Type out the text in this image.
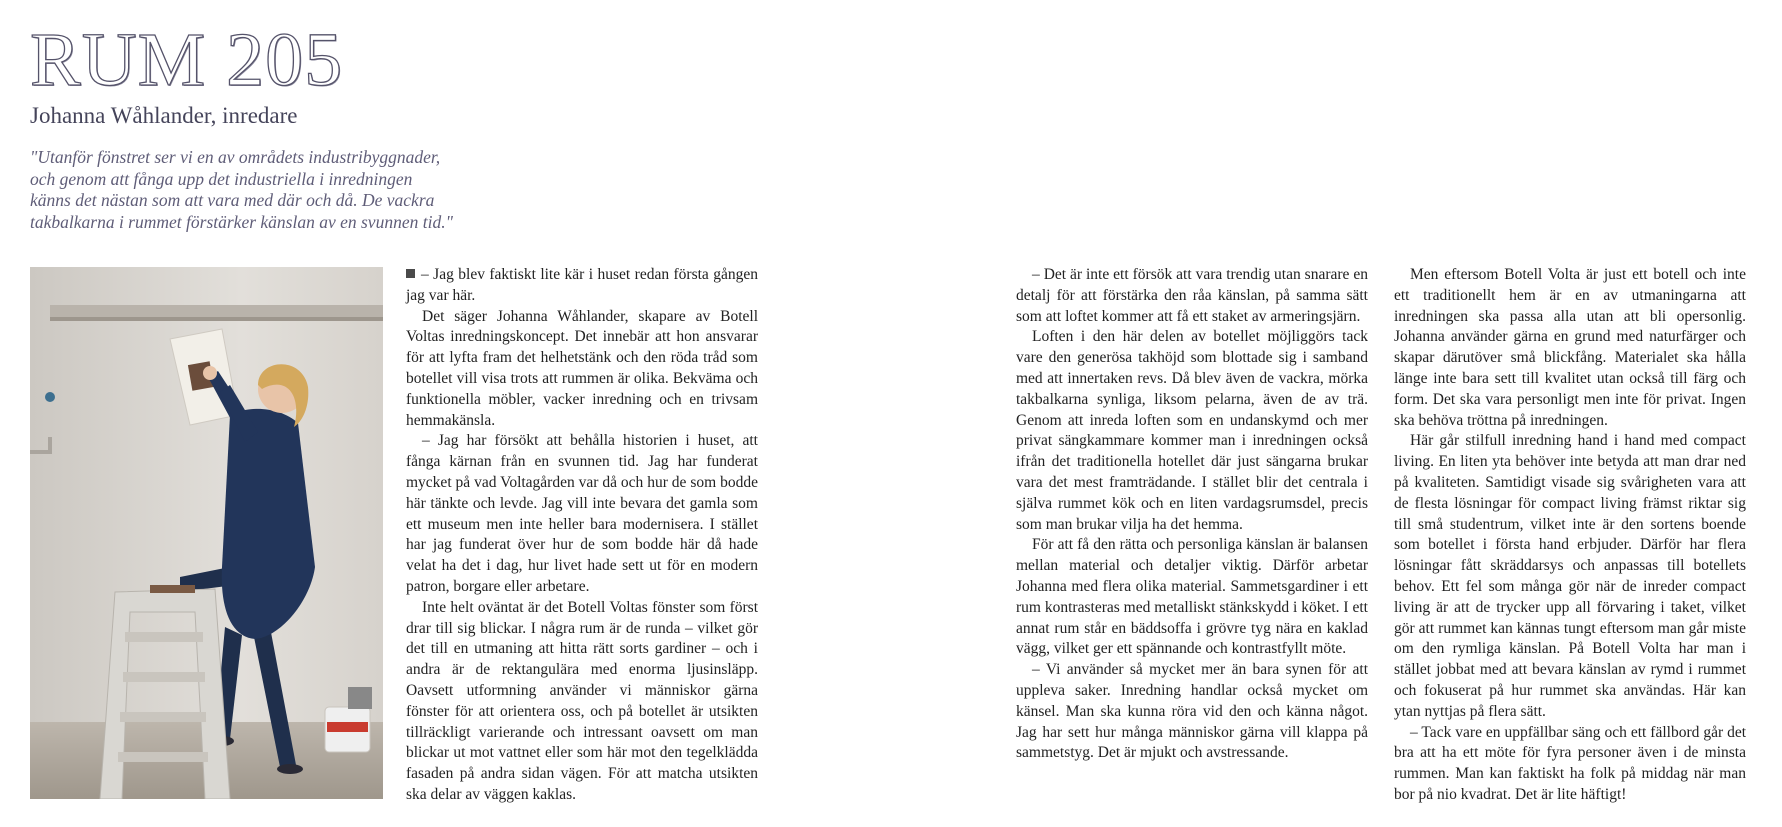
RUM 205
Johanna Wåhlander, inredare
"Utanför fönstret ser vi en av områdets industribyggnader,
och genom att fånga upp det industriella i inredningen
känns det nästan som att vara med där och då. De vackra
takbalkarna i rummet förstärker känslan av en svunnen tid."

– Jag blev faktiskt lite kär i huset redan första gången jag var här.

Det säger Johanna Wåhlander, skapare av Botell Voltas inredningskoncept. Det innebär att hon ansvarar för att lyfta fram det helhetstänk och den röda tråd som botellet vill visa trots att rummen är olika. Bekväma och funktionella möbler, vacker inredning och en trivsam hemmakänsla.

– Jag har försökt att behålla historien i huset, att fånga kärnan från en svunnen tid. Jag har funderat mycket på vad Voltagården var då och hur de som bodde här tänkte och levde. Jag vill inte bevara det gamla som ett museum men inte heller bara modernisera. I stället har jag funderat över hur de som bodde här då hade velat ha det i dag, hur livet hade sett ut för en modern patron, borgare eller arbetare.

Inte helt oväntat är det Botell Voltas fönster som först drar till sig blickar. I några rum är de runda – vilket gör det till en utmaning att hitta rätt sorts gardiner – och i andra är de rektangulära med enorma ljusinsläpp. Oavsett utformning använder vi människor gärna fönster för att orientera oss, och på botellet är utsikten tillräckligt varierande och intressant oavsett om man blickar ut mot vattnet eller som här mot den tegelklädda fasaden på andra sidan vägen. För att matcha utsikten ska delar av väggen kaklas.

– Det är inte ett försök att vara trendig utan snarare en detalj för att förstärka den råa känslan, på samma sätt som att loftet kommer att få ett staket av armeringsjärn.

Loften i den här delen av botellet möjliggörs tack vare den generösa takhöjd som blottade sig i samband med att innertaken revs. Då blev även de vackra, mörka takbalkarna synliga, liksom pelarna, även de av trä. Genom att inreda loften som en undanskymd och mer privat sängkammare kommer man i inredningen också ifrån det traditionella hotellet där just sängarna brukar vara det mest framträdande. I stället blir det centrala i själva rummet kök och en liten vardagsrumsdel, precis som man brukar vilja ha det hemma.

För att få den rätta och personliga känslan är balansen mellan material och detaljer viktig. Därför arbetar Johanna med flera olika material. Sammetsgardiner i ett rum kontrasteras med metalliskt stänkskydd i köket. I ett annat rum står en bäddsoffa i grövre tyg nära en kaklad vägg, vilket ger ett spännande och kontrastfyllt möte.

– Vi använder så mycket mer än bara synen för att uppleva saker. Inredning handlar också mycket om känsel. Man ska kunna röra vid den och känna något. Jag har sett hur många människor gärna vill klappa på sammetstyg. Det är mjukt och avstressande.

Men eftersom Botell Volta är just ett botell och inte ett traditionellt hem är en av utmaningarna att inredningen ska passa alla utan att bli opersonlig. Johanna använder gärna en grund med naturfärger och skapar därutöver små blickfång. Materialet ska hålla länge inte bara sett till kvalitet utan också till färg och form. Det ska vara personligt men inte för privat. Ingen ska behöva tröttna på inredningen.

Här går stilfull inredning hand i hand med compact living. En liten yta behöver inte betyda att man drar ned på kvaliteten. Samtidigt visade sig svårigheten vara att de flesta lösningar för compact living främst riktar sig till små studentrum, vilket inte är den sortens boende som botellet i första hand erbjuder. Därför har flera lösningar fått skräddarsys och anpassas till botellets behov. Ett fel som många gör när de inreder compact living är att de trycker upp all förvaring i taket, vilket gör att rummet kan kännas tungt eftersom man går miste om den rymliga känslan. På Botell Volta har man i stället jobbat med att bevara känslan av rymd i rummet och fokuserat på hur rummet ska användas. Här kan ytan nyttjas på flera sätt.

– Tack vare en uppfällbar säng och ett fällbord går det bra att ha ett möte för fyra personer även i de minsta rummen. Man kan faktiskt ha folk på middag när man bor på nio kvadrat. Det är lite häftigt!
